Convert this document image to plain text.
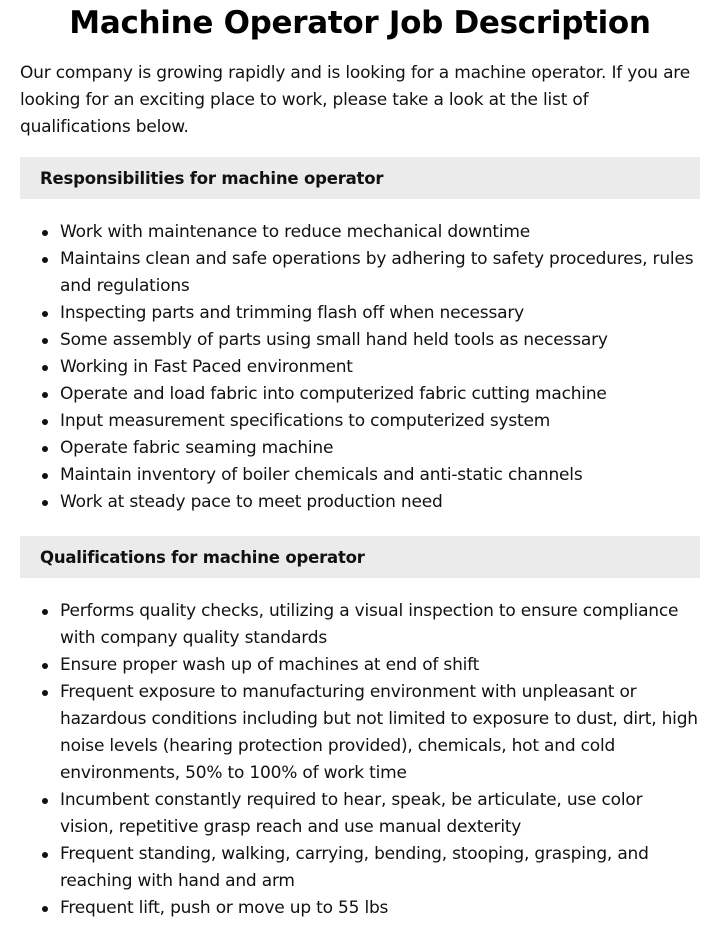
Machine Operator Job Description

Our company is growing rapidly and is looking for a machine operator. If you are looking for an exciting place to work, please take a look at the list of qualifications below.

Responsibilities for machine operator
Work with maintenance to reduce mechanical downtime
Maintains clean and safe operations by adhering to safety procedures, rules and regulations
Inspecting parts and trimming flash off when necessary
Some assembly of parts using small hand held tools as necessary
Working in Fast Paced environment
Operate and load fabric into computerized fabric cutting machine
Input measurement specifications to computerized system
Operate fabric seaming machine
Maintain inventory of boiler chemicals and anti-static channels
Work at steady pace to meet production need
Qualifications for machine operator
Performs quality checks, utilizing a visual inspection to ensure compliance with company quality standards
Ensure proper wash up of machines at end of shift
Frequent exposure to manufacturing environment with unpleasant or hazardous conditions including but not limited to exposure to dust, dirt, high noise levels (hearing protection provided), chemicals, hot and cold environments, 50% to 100% of work time
Incumbent constantly required to hear, speak, be articulate, use color vision, repetitive grasp reach and use manual dexterity
Frequent standing, walking, carrying, bending, stooping, grasping, and reaching with hand and arm
Frequent lift, push or move up to 55 lbs
